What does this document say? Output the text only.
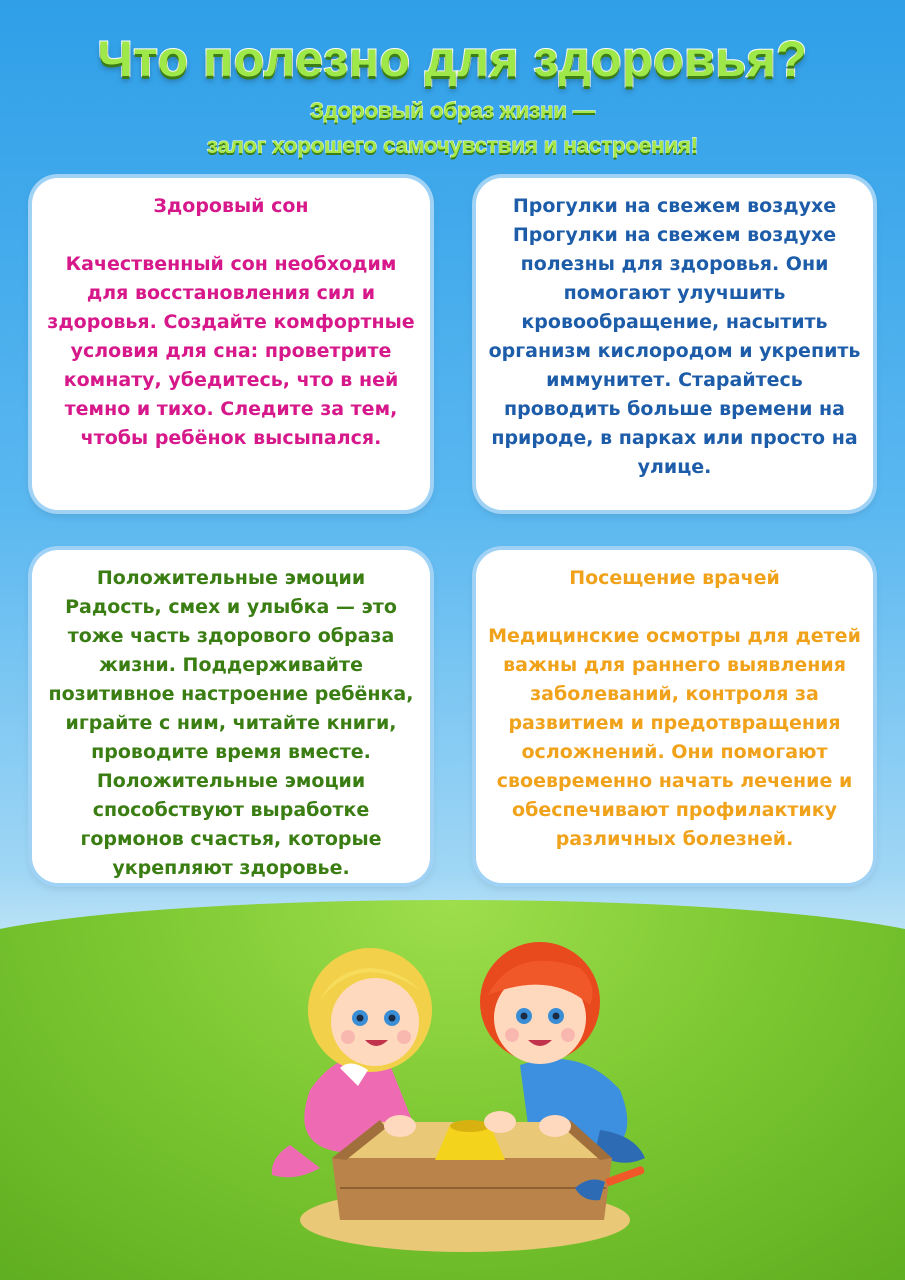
Что полезно для здоровья?
Здоровый образ жизни —
залог хорошего самочувствия и настроения!

Здоровый сон

Качественный сон необходим для восстановления сил и здоровья. Создайте комфортные условия для сна: проветрите комнату, убедитесь, что в ней темно и тихо. Следите за тем, чтобы ребёнок высыпался.

Прогулки на свежем воздухе

Прогулки на свежем воздухе полезны для здоровья. Они помогают улучшить кровообращение, насытить организм кислородом и укрепить иммунитет. Старайтесь проводить больше времени на природе, в парках или просто на улице.

Положительные эмоции

Радость, смех и улыбка — это тоже часть здорового образа жизни. Поддерживайте позитивное настроение ребёнка, играйте с ним, читайте книги, проводите время вместе. Положительные эмоции способствуют выработке гормонов счастья, которые укрепляют здоровье.

Посещение врачей

Медицинские осмотры для детей важны для раннего выявления заболеваний, контроля за развитием и предотвращения осложнений. Они помогают своевременно начать лечение и обеспечивают профилактику различных болезней.
